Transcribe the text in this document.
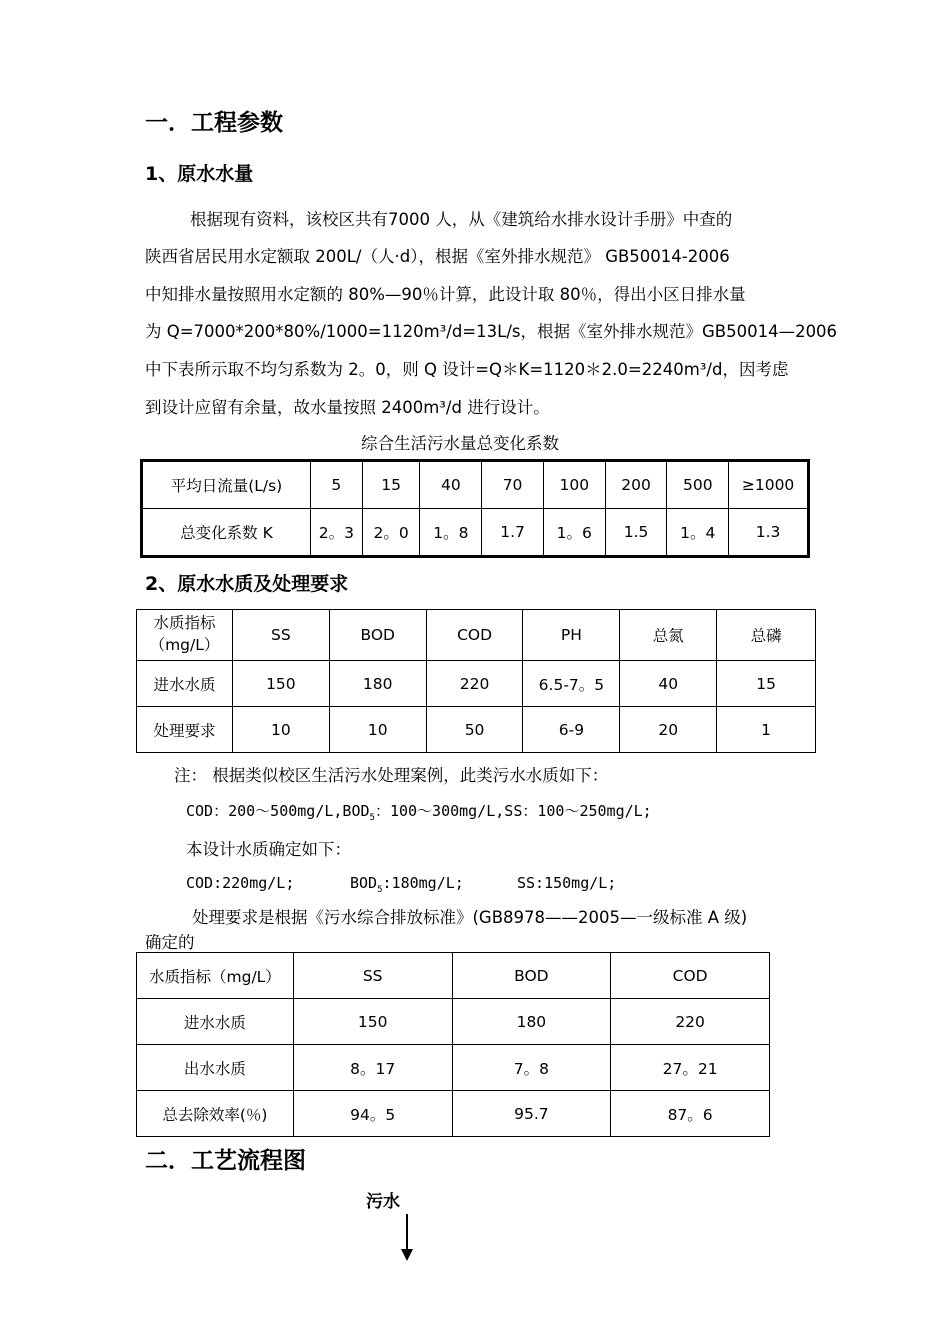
一．工程参数
1、原水水量
根据现有资料，该校区共有7000 人，从《建筑给水排水设计手册》中查的
陕西省居民用水定额取 200L/（人·d），根据《室外排水规范》 GB50014-2006
中知排水量按照用水定额的 80%—90％计算，此设计取 80％，得出小区日排水量
为 Q=7000*200*80%/1000=1120m³/d=13L/s，根据《室外排水规范》GB50014—2006
中下表所示取不均匀系数为 2。0，则 Q 设计=Q＊K=1120＊2.0=2240m³/d，因考虑
到设计应留有余量，故水量按照 2400m³/d 进行设计。
综合生活污水量总变化系数
平均日流量(L/s)	5	15	40	70	100	200	500	≥1000
总变化系数 K	2。3	2。0	1。8	1.7	1。6	1.5	1。4	1.3
2、原水水质及处理要求
水质指标（mg/L）	SS	BOD	COD	PH	总氮	总磷
进水水质	150	180	220	6.5-7。5	40	15
处理要求	10	10	50	6-9	20	1
注： 根据类似校区生活污水处理案例，此类污水水质如下：
COD：$200\sim 500mg/L,BOD_5$：100～300mg/L,SS：100～250mg/L;
本设计水质确定如下：
COD:220mg/L;	$BOD_5:180mg/L$;	SS:150mg/L;
处理要求是根据《污水综合排放标准》(GB8978——2005—一级标准 A 级)
确定的
水质指标（mg/L）	SS	BOD	COD
进水水质	150	180	220
出水水质	8。17	7。8	27。21
总去除效率(％)	94。5	95.7	87。6
二．工艺流程图
污水
